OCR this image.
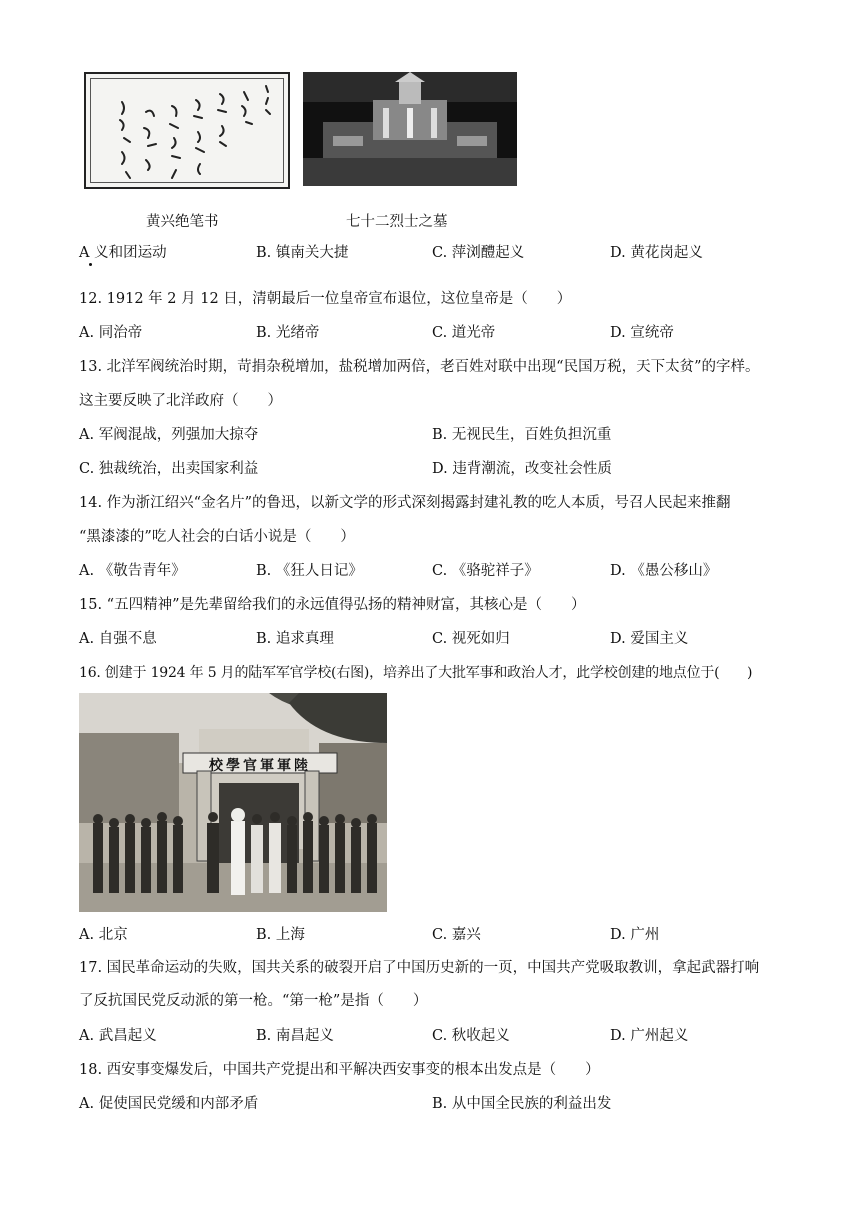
黄兴绝笔书	七十二烈士之墓
A 义和团运动	B. 镇南关大捷	C. 萍浏醴起义	D. 黄花岗起义
12. 1912 年 2 月 12 日，清朝最后一位皇帝宣布退位，这位皇帝是（　　）
A. 同治帝	B. 光绪帝	C. 道光帝	D. 宣统帝
13. 北洋军阀统治时期，苛捐杂税增加，盐税增加两倍，老百姓对联中出现“民国万税，天下太贫”的字样。
这主要反映了北洋政府（　　）
A. 军阀混战，列强加大掠夺	B. 无视民生，百姓负担沉重
C. 独裁统治，出卖国家利益	D. 违背潮流，改变社会性质
14. 作为浙江绍兴“金名片”的鲁迅，以新文学的形式深刻揭露封建礼教的吃人本质，号召人民起来推翻
“黑漆漆的”吃人社会的白话小说是（　　）
A. 《敬告青年》	B. 《狂人日记》	C. 《骆驼祥子》	D. 《愚公移山》
15. “五四精神”是先辈留给我们的永远值得弘扬的精神财富，其核心是（　　）
A. 自强不息	B. 追求真理	C. 视死如归	D. 爱国主义
16. 创建于 1924 年 5 月的陆军军官学校(右图)，培养出了大批军事和政治人才，此学校创建的地点位于(　　)
陸軍軍官學校
A. 北京	B. 上海	C. 嘉兴	D. 广州
17. 国民革命运动的失败，国共关系的破裂开启了中国历史新的一页，中国共产党吸取教训，拿起武器打响
了反抗国民党反动派的第一枪。“第一枪”是指（　　）
A. 武昌起义	B. 南昌起义	C. 秋收起义	D. 广州起义
18. 西安事变爆发后，中国共产党提出和平解决西安事变的根本出发点是（　　）
A. 促使国民党缓和内部矛盾	B. 从中国全民族的利益出发
